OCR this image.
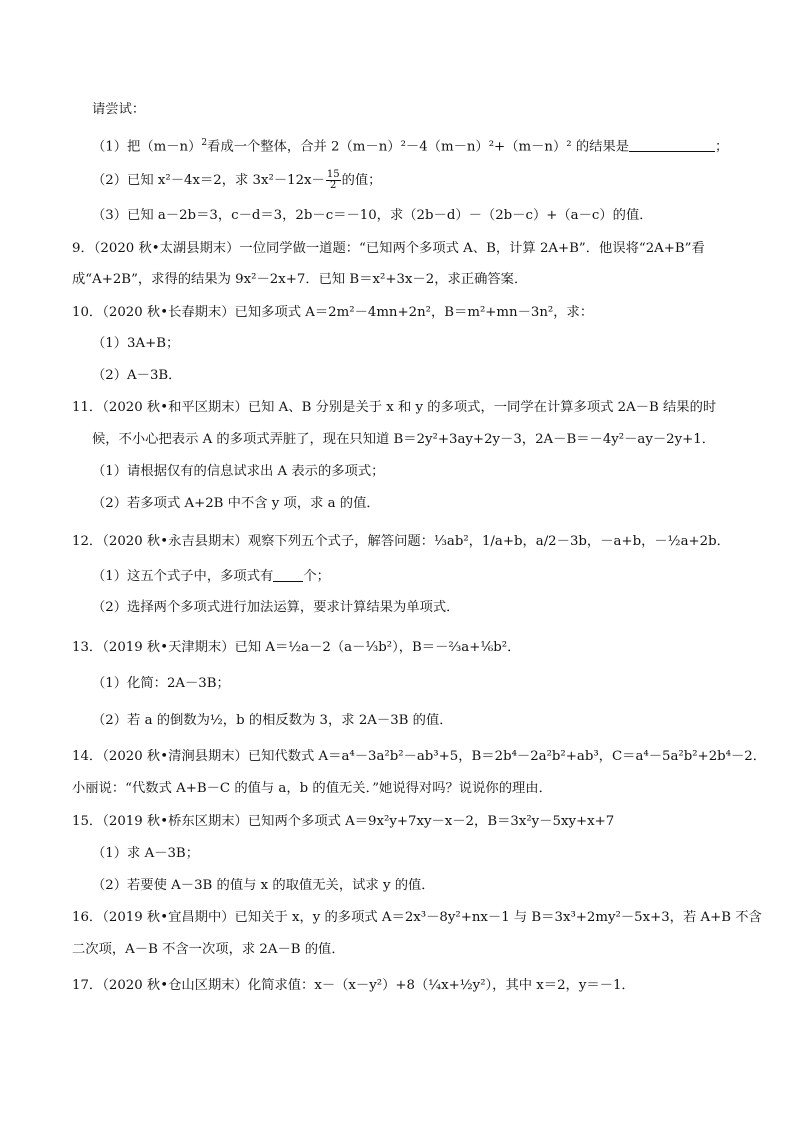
请尝试：
（1）把$(m-n)^2$看成一个整体，合并 2（m－n）²－4（m－n）²+（m－n）² 的结果是	；
（2）已知 x²－4x＝2，求 $3x^2-12x- \frac{15}{2}$ 的值；
（3）已知 a－2b＝3，c－d＝3，2b－c＝－10，求（2b－d）－（2b－c）+（a－c）的值．
9．（2020 秋•太湖县期末）一位同学做一道题：“已知两个多项式 A、B，计算 2A+B”．他误将“2A+B”看
成“A+2B”，求得的结果为 9x²－2x+7．已知 B＝x²+3x－2，求正确答案．
10．（2020 秋•长春期末）已知多项式 A＝2m²－4mn+2n²，B＝m²+mn－3n²，求：
（1）3A+B；
（2）A－3B．
11．（2020 秋•和平区期末）已知 A、B 分别是关于 x 和 y 的多项式，一同学在计算多项式 2A－B 结果的时
候，不小心把表示 A 的多项式弄脏了，现在只知道 B＝2y²+3ay+2y－3，2A－B＝－4y²－ay－2y+1．
（1）请根据仅有的信息试求出 A 表示的多项式；
（2）若多项式 A+2B 中不含 y 项，求 a 的值．
12．（2020 秋•永吉县期末）观察下列五个式子，解答问题：⅓ab²，1/a+b，a/2－3b，－a+b，－½a+2b．
（1）这五个式子中，多项式有 个；
（2）选择两个多项式进行加法运算，要求计算结果为单项式．
13．（2019 秋•天津期末）已知 A＝½a－2（a－⅓b²），B＝－⅔a+⅙b²．
（1）化简：2A－3B；
（2）若 a 的倒数为½，b 的相反数为 3，求 2A－3B 的值．
14．（2020 秋•清涧县期末）已知代数式 A＝a⁴－3a²b²－ab³+5，B＝2b⁴－2a²b²+ab³，C＝a⁴－5a²b²+2b⁴－2．
小丽说：“代数式 A+B－C 的值与 a，b 的值无关．”她说得对吗？说说你的理由．
15．（2019 秋•桥东区期末）已知两个多项式 A＝9x²y+7xy－x－2，B＝3x²y－5xy+x+7
（1）求 A－3B；
（2）若要使 A－3B 的值与 x 的取值无关，试求 y 的值．
16．（2019 秋•宜昌期中）已知关于 x，y 的多项式 A＝2x³－8y²+nx－1 与 B＝3x³+2my²－5x+3，若 A+B 不含
二次项，A－B 不含一次项，求 2A－B 的值．
17．（2020 秋•仓山区期末）化简求值：x－（x－y²）+8（¼x+½y²），其中 x＝2，y＝－1．
